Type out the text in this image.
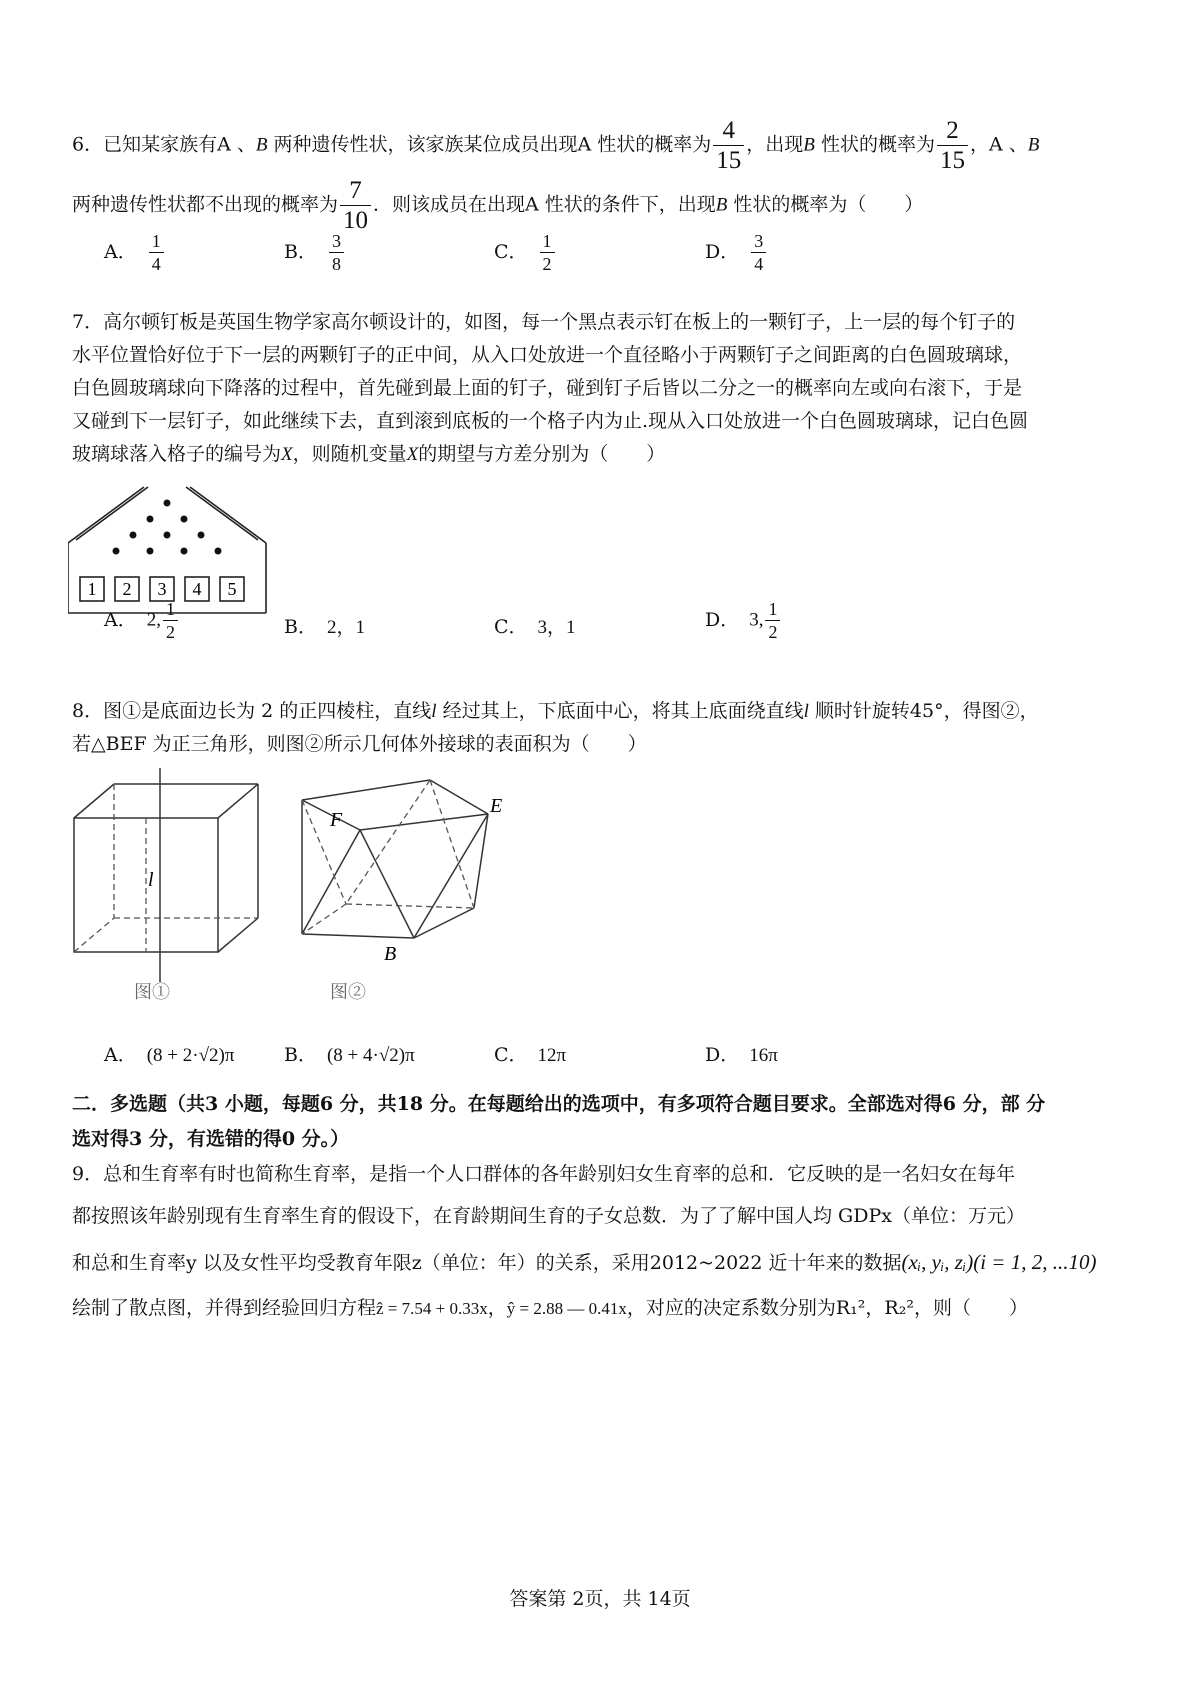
6．已知某家族有A 、B 两种遗传性状，该家族某位成员出现A 性状的概率为 $\frac{4}{15}$ ，出现B 性状的概率为 $\frac{2}{15}$ ，A 、B
两种遗传性状都不出现的概率为 $\frac{7}{10}$ ．则该成员在出现A 性状的条件下，出现B 性状的概率为（　　）
A． $\frac{1}{4}$	B． $\frac{3}{8}$	C． $\frac{1}{2}$	D． $\frac{3}{4}$
7．高尔顿钉板是英国生物学家高尔顿设计的，如图，每一个黑点表示钉在板上的一颗钉子，上一层的每个钉子的
水平位置恰好位于下一层的两颗钉子的正中间，从入口处放进一个直径略小于两颗钉子之间距离的白色圆玻璃球，
白色圆玻璃球向下降落的过程中，首先碰到最上面的钉子，碰到钉子后皆以二分之一的概率向左或向右滚下，于是
又碰到下一层钉子，如此继续下去，直到滚到底板的一个格子内为止.现从入口处放进一个白色圆玻璃球，记白色圆
玻璃球落入格子的编号为X，则随机变量X的期望与方差分别为（　　）
1 2 3 4 5
A． 2, $\frac{1}{2}$	B． 2，1	C． 3，1	D． 3, $\frac{1}{2}$
8．图①是底面边长为 2 的正四棱柱，直线l 经过其上，下底面中心，将其上底面绕直线l 顺时针旋转45°，得图②，
若△BEF 为正三角形，则图②所示几何体外接球的表面积为（　　）
l
图①
F
E
B
图②
A． (8 + 2·√2)π	B． (8 + 4·√2)π	C． 12π	D． 16π
二．多选题（共3 小题，每题6 分，共18 分。在每题给出的选项中，有多项符合题目要求。全部选对得6 分，部 分
选对得3 分，有选错的得0 分。）
9．总和生育率有时也简称生育率，是指一个人口群体的各年龄别妇女生育率的总和．它反映的是一名妇女在每年
都按照该年龄别现有生育率生育的假设下，在育龄期间生育的子女总数．为了了解中国人均 GDPx（单位：万元）
和总和生育率y 以及女性平均受教育年限z（单位：年）的关系，采用2012~2022 近十年来的数据(xᵢ, yᵢ, zᵢ)(i = 1, 2, ...10)
绘制了散点图，并得到经验回归方程ẑ = 7.54 + 0.33x，ŷ = 2.88 — 0.41x，对应的决定系数分别为R₁²，R₂²，则（　　）
答案第 2页，共 14页
